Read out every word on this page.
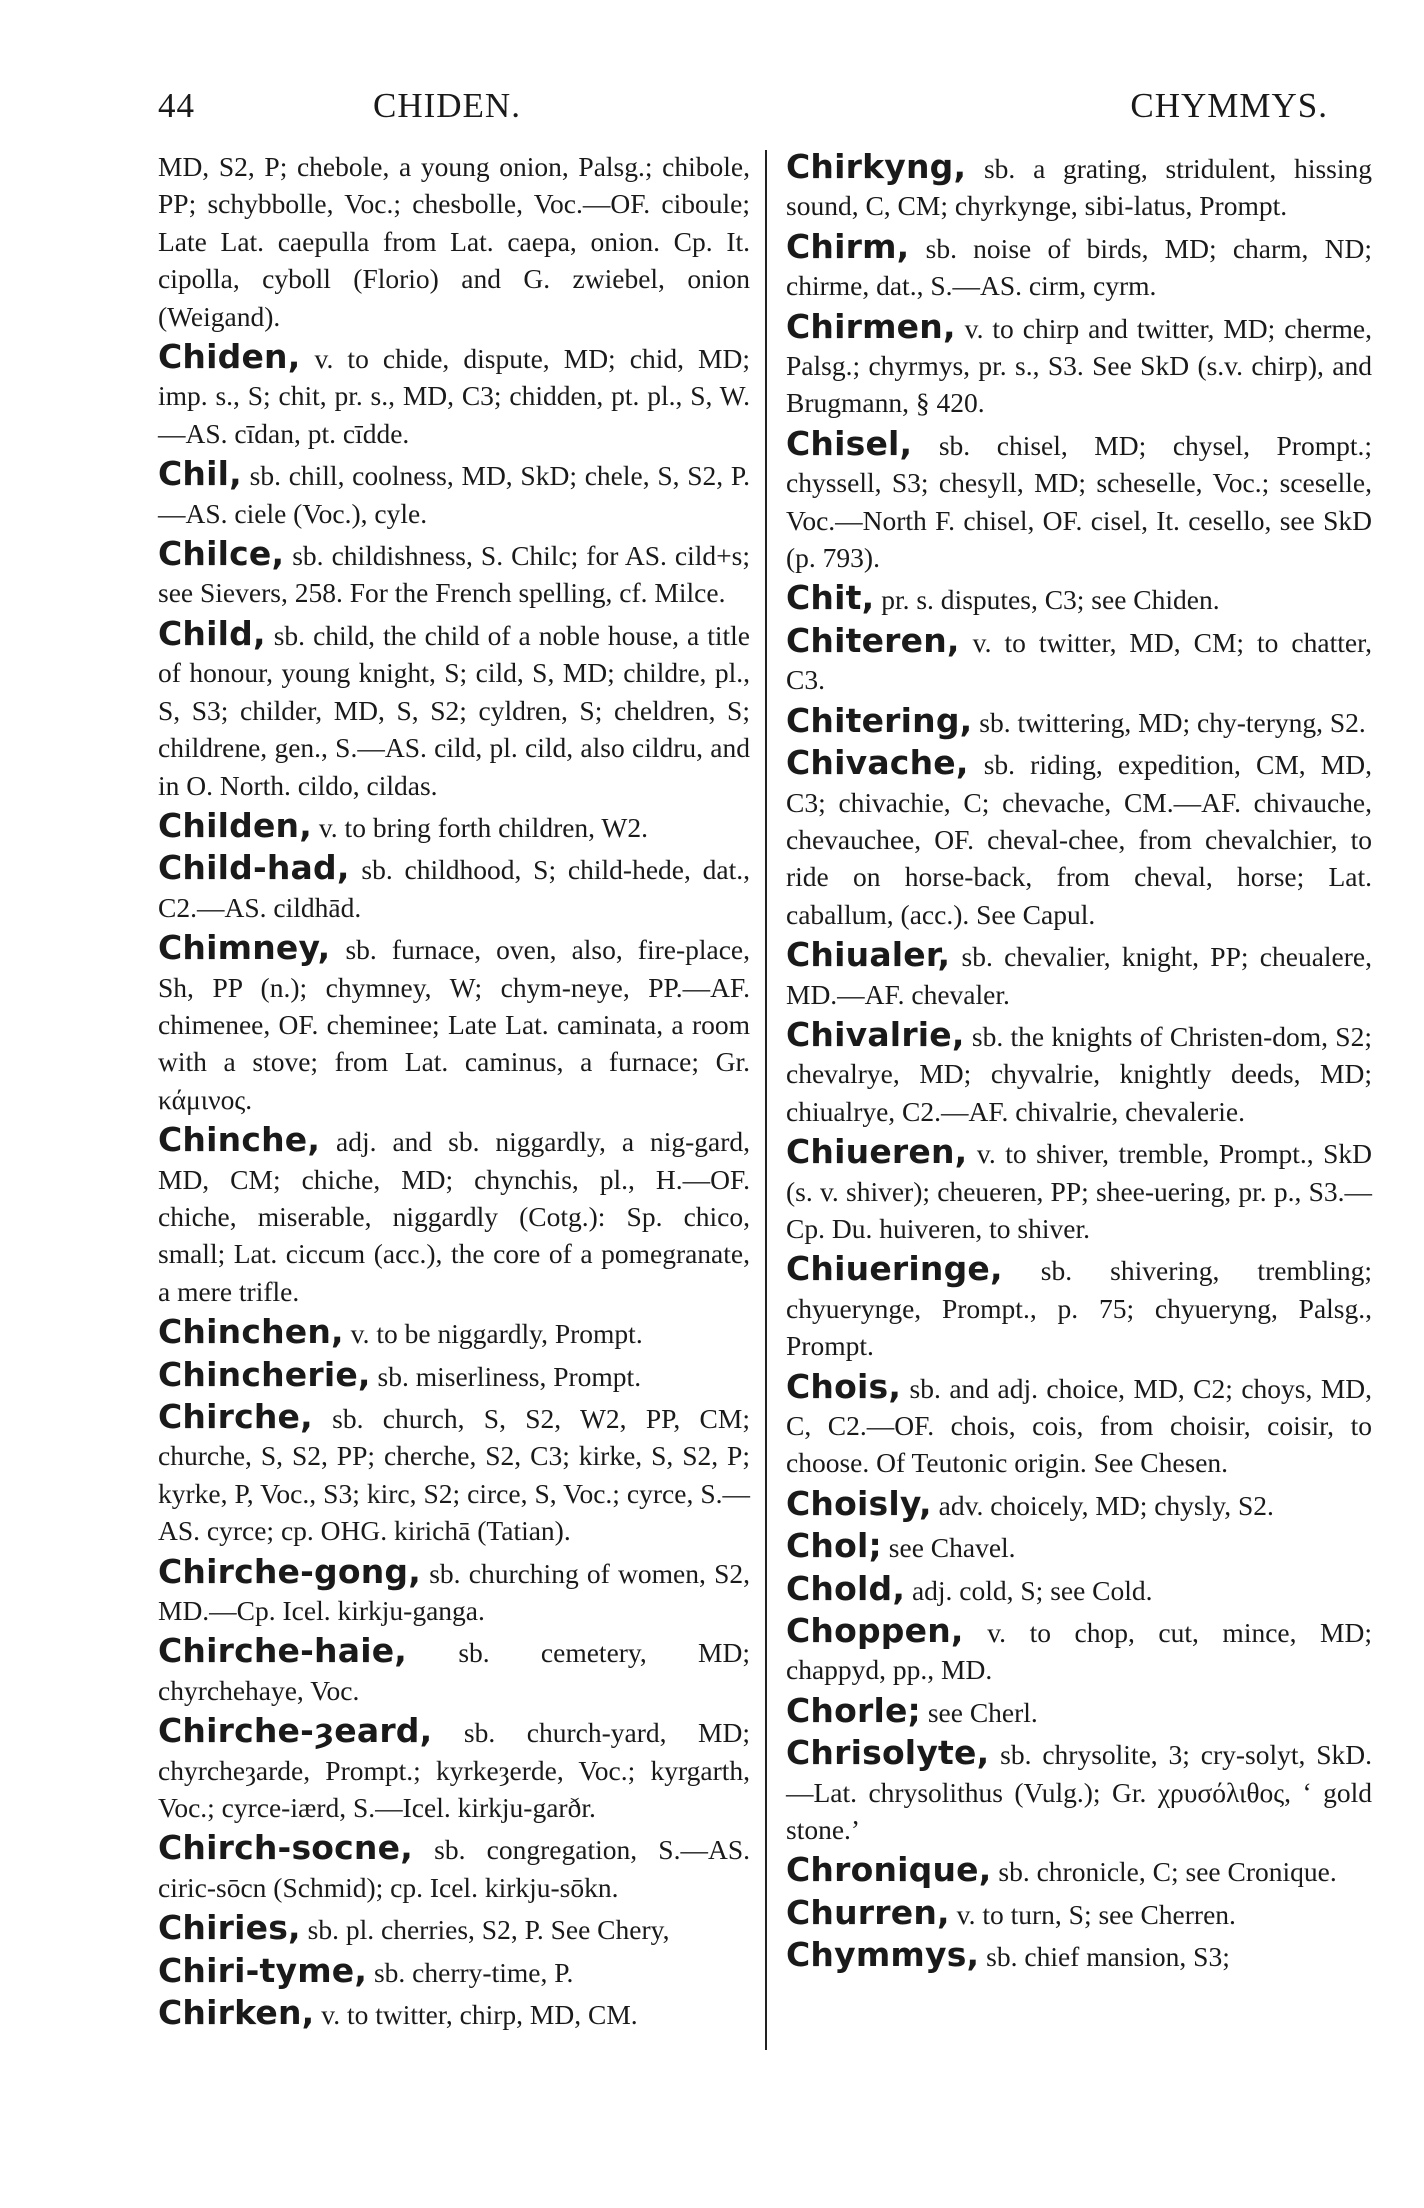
44	CHIDEN.	CHYMMYS.
MD, S2, P; chebole, a young onion, Palsg.; chibole, PP; schybbolle, Voc.; chesbolle, Voc.—OF. ciboule; Late Lat. caepulla from Lat. caepa, onion. Cp. It. cipolla, cyboll (Florio) and G. zwiebel, onion (Weigand).
Chiden, v. to chide, dispute, MD; chid, MD; imp. s., S; chit, pr. s., MD, C3; chidden, pt. pl., S, W.—AS. cīdan, pt. cīdde.
Chil, sb. chill, coolness, MD, SkD; chele, S, S2, P.—AS. ciele (Voc.), cyle.
Chilce, sb. childishness, S. Chilc; for AS. cild+s; see Sievers, 258. For the French spelling, cf. Milce.
Child, sb. child, the child of a noble house, a title of honour, young knight, S; cild, S, MD; childre, pl., S, S3; childer, MD, S, S2; cyldren, S; cheldren, S; childrene, gen., S.—AS. cild, pl. cild, also cildru, and in O. North. cildo, cildas.
Childen, v. to bring forth children, W2.
Child-had, sb. childhood, S; child-hede, dat., C2.—AS. cildhād.
Chimney, sb. furnace, oven, also, fire-place, Sh, PP (n.); chymney, W; chym-neye, PP.—AF. chimenee, OF. cheminee; Late Lat. caminata, a room with a stove; from Lat. caminus, a furnace; Gr. κάμινος.
Chinche, adj. and sb. niggardly, a nig-gard, MD, CM; chiche, MD; chynchis, pl., H.—OF. chiche, miserable, niggardly (Cotg.): Sp. chico, small; Lat. ciccum (acc.), the core of a pomegranate, a mere trifle.
Chinchen, v. to be niggardly, Prompt.
Chincherie, sb. miserliness, Prompt.
Chirche, sb. church, S, S2, W2, PP, CM; churche, S, S2, PP; cherche, S2, C3; kirke, S, S2, P; kyrke, P, Voc., S3; kirc, S2; circe, S, Voc.; cyrce, S.—AS. cyrce; cp. OHG. kirichā (Tatian).
Chirche-gong, sb. churching of women, S2, MD.—Cp. Icel. kirkju-ganga.
Chirche-haie, sb. cemetery, MD; chyrchehaye, Voc.
Chirche-ȝeard, sb. church-yard, MD; chyrcheȝarde, Prompt.; kyrkeȝerde, Voc.; kyrgarth, Voc.; cyrce-iærd, S.—Icel. kirkju-garðr.
Chirch-socne, sb. congregation, S.—AS. ciric-sōcn (Schmid); cp. Icel. kirkju-sōkn.
Chiries, sb. pl. cherries, S2, P. See Chery,
Chiri-tyme, sb. cherry-time, P.
Chirken, v. to twitter, chirp, MD, CM.
Chirkyng, sb. a grating, stridulent, hissing sound, C, CM; chyrkynge, sibi-latus, Prompt.
Chirm, sb. noise of birds, MD; charm, ND; chirme, dat., S.—AS. cirm, cyrm.
Chirmen, v. to chirp and twitter, MD; cherme, Palsg.; chyrmys, pr. s., S3. See SkD (s.v. chirp), and Brugmann, § 420.
Chisel, sb. chisel, MD; chysel, Prompt.; chyssell, S3; chesyll, MD; scheselle, Voc.; sceselle, Voc.—North F. chisel, OF. cisel, It. cesello, see SkD (p. 793).
Chit, pr. s. disputes, C3; see Chiden.
Chiteren, v. to twitter, MD, CM; to chatter, C3.
Chitering, sb. twittering, MD; chy-teryng, S2.
Chivache, sb. riding, expedition, CM, MD, C3; chivachie, C; chevache, CM.—AF. chivauche, chevauchee, OF. cheval-chee, from chevalchier, to ride on horse-back, from cheval, horse; Lat. caballum, (acc.). See Capul.
Chiualer, sb. chevalier, knight, PP; cheualere, MD.—AF. chevaler.
Chivalrie, sb. the knights of Christen-dom, S2; chevalrye, MD; chyvalrie, knightly deeds, MD; chiualrye, C2.—AF. chivalrie, chevalerie.
Chiueren, v. to shiver, tremble, Prompt., SkD (s. v. shiver); cheueren, PP; shee-uering, pr. p., S3.—Cp. Du. huiveren, to shiver.
Chiueringe, sb. shivering, trembling; chyuerynge, Prompt., p. 75; chyueryng, Palsg., Prompt.
Chois, sb. and adj. choice, MD, C2; choys, MD, C, C2.—OF. chois, cois, from choisir, coisir, to choose. Of Teutonic origin. See Chesen.
Choisly, adv. choicely, MD; chysly, S2.
Chol; see Chavel.
Chold, adj. cold, S; see Cold.
Choppen, v. to chop, cut, mince, MD; chappyd, pp., MD.
Chorle; see Cherl.
Chrisolyte, sb. chrysolite, 3; cry-solyt, SkD.—Lat. chrysolithus (Vulg.); Gr. χρυσόλιθος, ‘ gold stone.’
Chronique, sb. chronicle, C; see Cronique.
Churren, v. to turn, S; see Cherren.
Chymmys, sb. chief mansion, S3;
